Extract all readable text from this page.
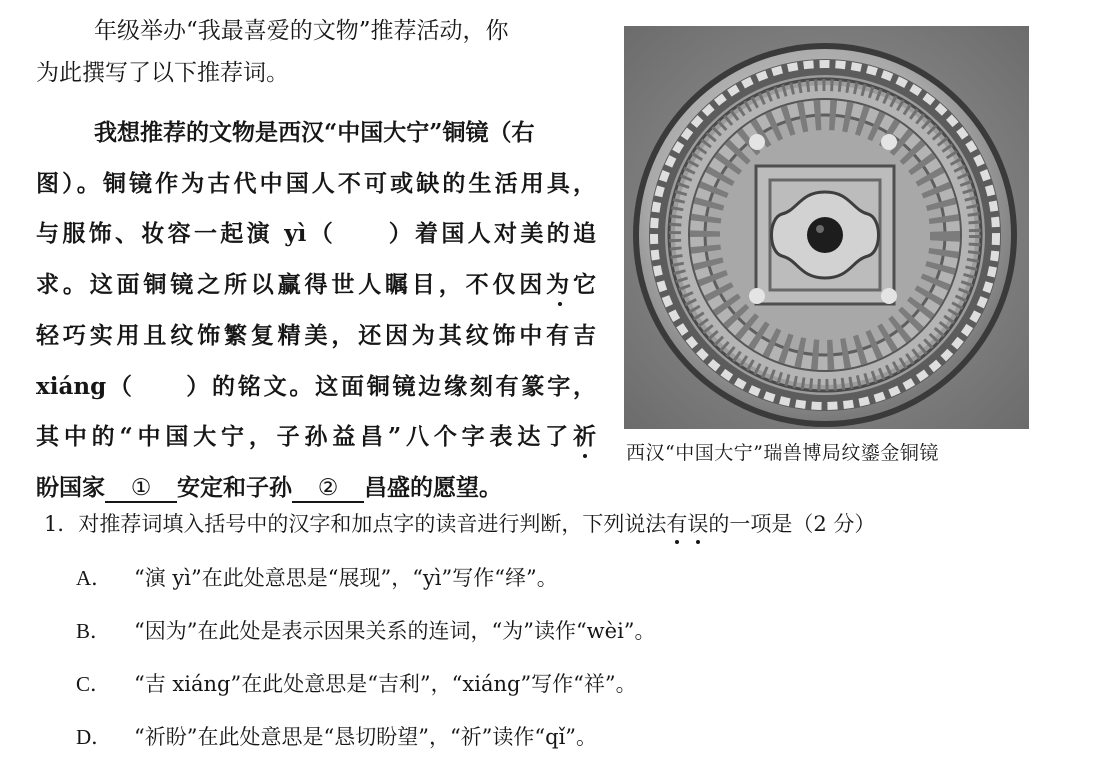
年级举办“我最喜爱的文物”推荐活动，你
为此撰写了以下推荐词。
我想推荐的文物是西汉“中国大宁”铜镜（右
图）。铜镜作为古代中国人不可或缺的生活用具，
与服饰、妆容一起演 yì（　　）着国人对美的追
求。这面铜镜之所以赢得世人瞩目，不仅因为它
轻巧实用且纹饰繁复精美，还因为其纹饰中有吉
xiáng（　　）的铭文。这面铜镜边缘刻有篆字，
其中的“中国大宁，子孙益昌”八个字表达了祈
盼国家 ① 安定和子孙 ② 昌盛的愿望。
西汉“中国大宁”瑞兽博局纹鎏金铜镜
1．对推荐词填入括号中的汉字和加点字的读音进行判断，下列说法有误的一项是（2 分）
A． “演 yì”在此处意思是“展现”，“yì”写作“绎”。
B． “因为”在此处是表示因果关系的连词，“为”读作“wèi”。
C． “吉 xiáng”在此处意思是“吉利”，“xiáng”写作“祥”。
D． “祈盼”在此处意思是“恳切盼望”，“祈”读作“qǐ”。
